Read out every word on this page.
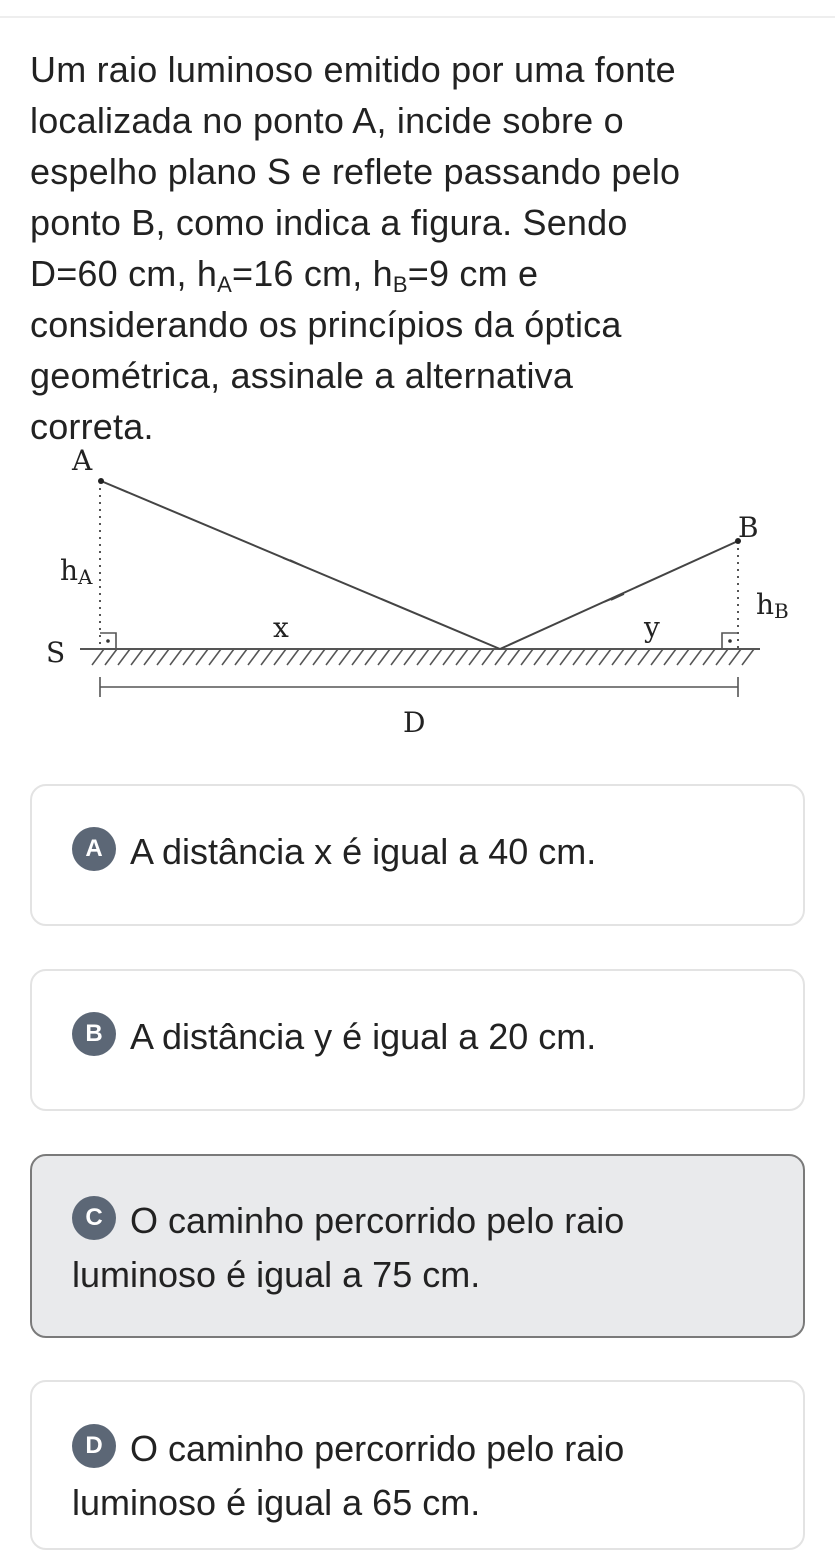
Um raio luminoso emitido por uma fonte
localizada no ponto A, incide sobre o
espelho plano S e reflete passando pelo
ponto B, como indica a figura. Sendo
D=60 cm, $h_A=16$ cm, $h_B=9$ cm e
considerando os princípios da óptica
geométrica, assinale a alternativa
correta.
A
B
hA
hB
S
x	y
D
A A distância x é igual a 40 cm.
B A distância y é igual a 20 cm.
C O caminho percorrido pelo raio
luminoso é igual a 75 cm.
D O caminho percorrido pelo raio
luminoso é igual a 65 cm.
